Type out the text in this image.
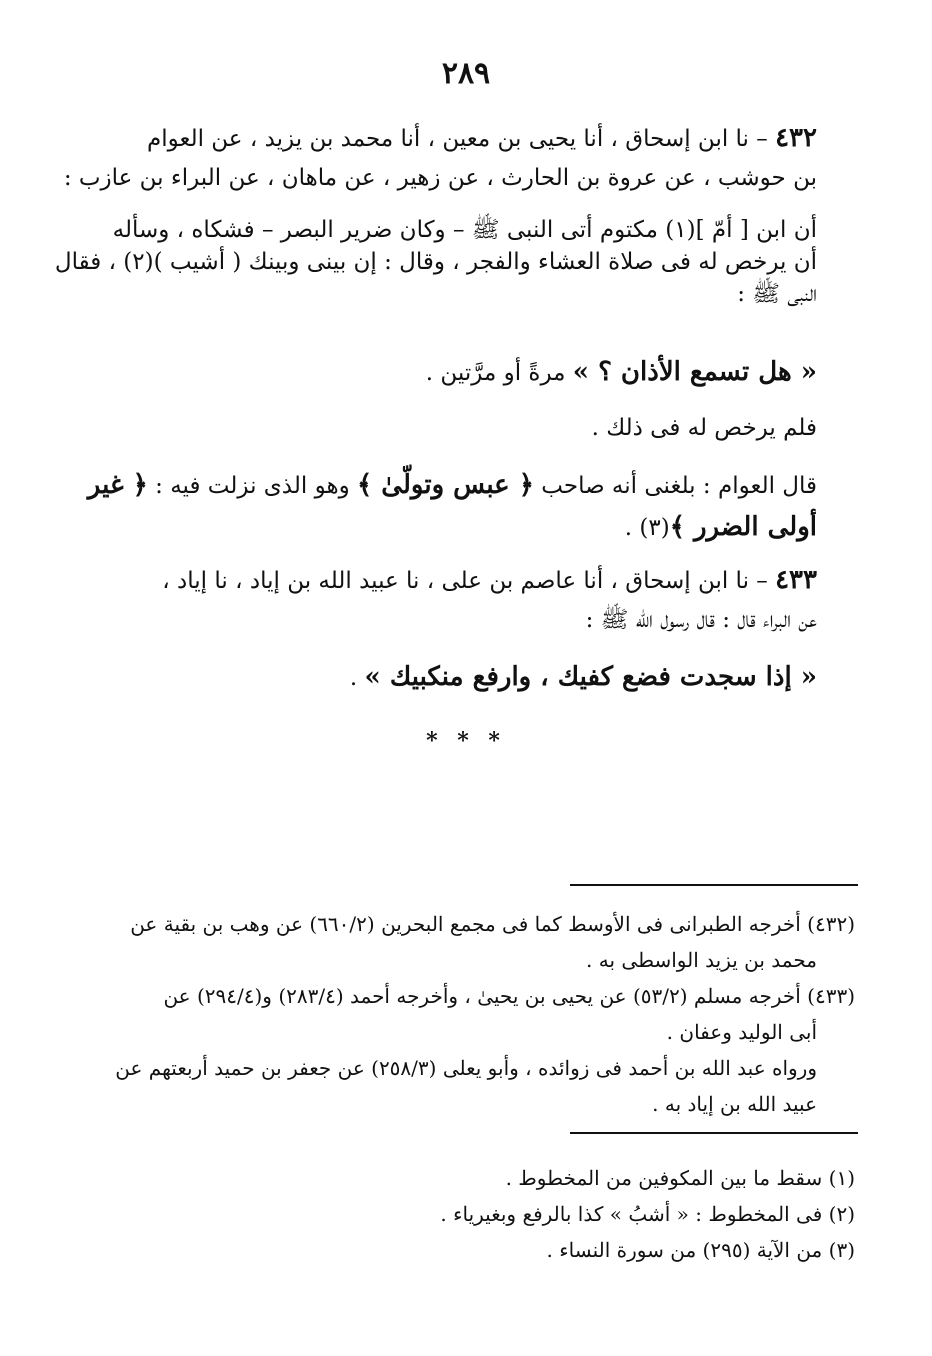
٢٨٩
٤٣٢ – نا ابن إسحاق ، أنا يحيى بن معين ، أنا محمد بن يزيد ، عن العوام
بن حوشب ، عن عروة بن الحارث ، عن زهير ، عن ماهان ، عن البراء بن عازب :
أن ابن [ أمّ ](١) مكتوم أتى النبى ﷺ – وكان ضرير البصر – فشكاه ، وسأله
أن يرخص له فى صلاة العشاء والفجر ، وقال : إن بينى وبينك ( أشيب )(٢) ، فقال
النبى ﷺ :
« هل تسمع الأذان ؟ » مرةً أو مرَّتين .
فلم يرخص له فى ذلك .
قال العوام : بلغنى أنه صاحب ﴿ عبس وتولّىٰ ﴾ وهو الذى نزلت فيه : ﴿ غير
أولى الضرر ﴾(٣) .
٤٣٣ – نا ابن إسحاق ، أنا عاصم بن على ، نا عبيد الله بن إياد ، نا إياد ،
عن البراء قال : قال رسول الله ﷺ :
« إذا سجدت فضع كفيك ، وارفع منكبيك » .
* * *
(٤٣٢) أخرجه الطبرانى فى الأوسط كما فى مجمع البحرين (٦٦٠/٢) عن وهب بن بقية عن
محمد بن يزيد الواسطى به .
(٤٣٣) أخرجه مسلم (٥٣/٢) عن يحيى بن يحيىٰ ، وأخرجه أحمد (٢٨٣/٤) و(٢٩٤/٤) عن
أبى الوليد وعفان .
ورواه عبد الله بن أحمد فى زوائده ، وأبو يعلى (٢٥٨/٣) عن جعفر بن حميد أربعتهم عن
عبيد الله بن إياد به .
(١) سقط ما بين المكوفين من المخطوط .
(٢) فى المخطوط : « أشبُ » كذا بالرفع وبغيرياء .
(٣) من الآية (٢٩٥) من سورة النساء .
